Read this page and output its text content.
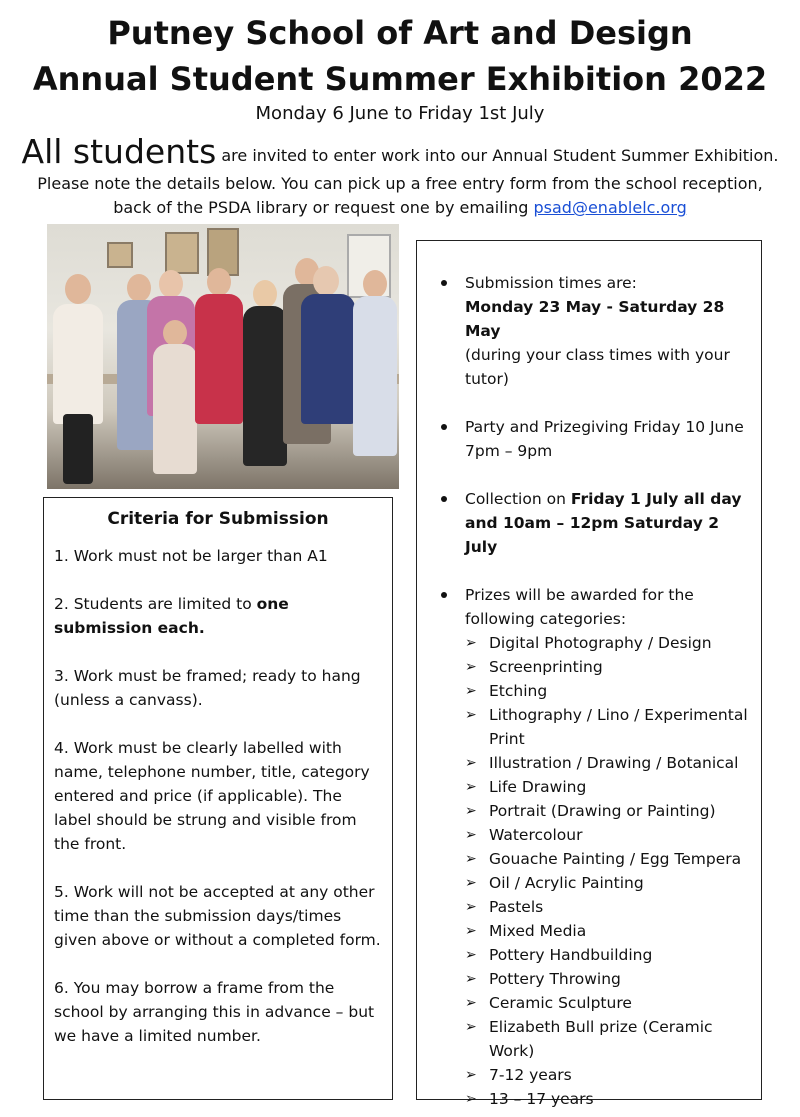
Putney School of Art and Design
Annual Student Summer Exhibition 2022
Monday 6 June to Friday 1st July
All students are invited to enter work into our Annual Student Summer Exhibition.
Please note the details below. You can pick up a free entry form from the school reception,
back of the PSDA library or request one by emailing psad@enablelc.org
Criteria for Submission

1. Work must not be larger than A1

2. Students are limited to one submission each.

3. Work must be framed; ready to hang (unless a canvass).

4. Work must be clearly labelled with name, telephone number, title, category entered and price (if applicable). The label should be strung and visible from the front.

5. Work will not be accepted at any other time than the submission days/times given above or without a completed form.

6. You may borrow a frame from the school by arranging this in advance – but we have a limited number.

Submission times are:

Monday 23 May - Saturday 28 May

(during your class times with your tutor)

Party and Prizegiving Friday 10 June 7pm – 9pm

Collection on Friday 1 July all day and 10am – 12pm Saturday 2 July

Prizes will be awarded for the following categories:

➢ Digital Photography / Design
➢ Screenprinting
➢ Etching
➢ Lithography / Lino / Experimental Print
➢ Illustration / Drawing / Botanical
➢ Life Drawing
➢ Portrait (Drawing or Painting)
➢ Watercolour
➢ Gouache Painting / Egg Tempera
➢ Oil / Acrylic Painting
➢ Pastels
➢ Mixed Media
➢ Pottery Handbuilding
➢ Pottery Throwing
➢ Ceramic Sculpture
➢ Elizabeth Bull prize (Ceramic Work)
➢ 7-12 years
➢ 13 – 17 years
